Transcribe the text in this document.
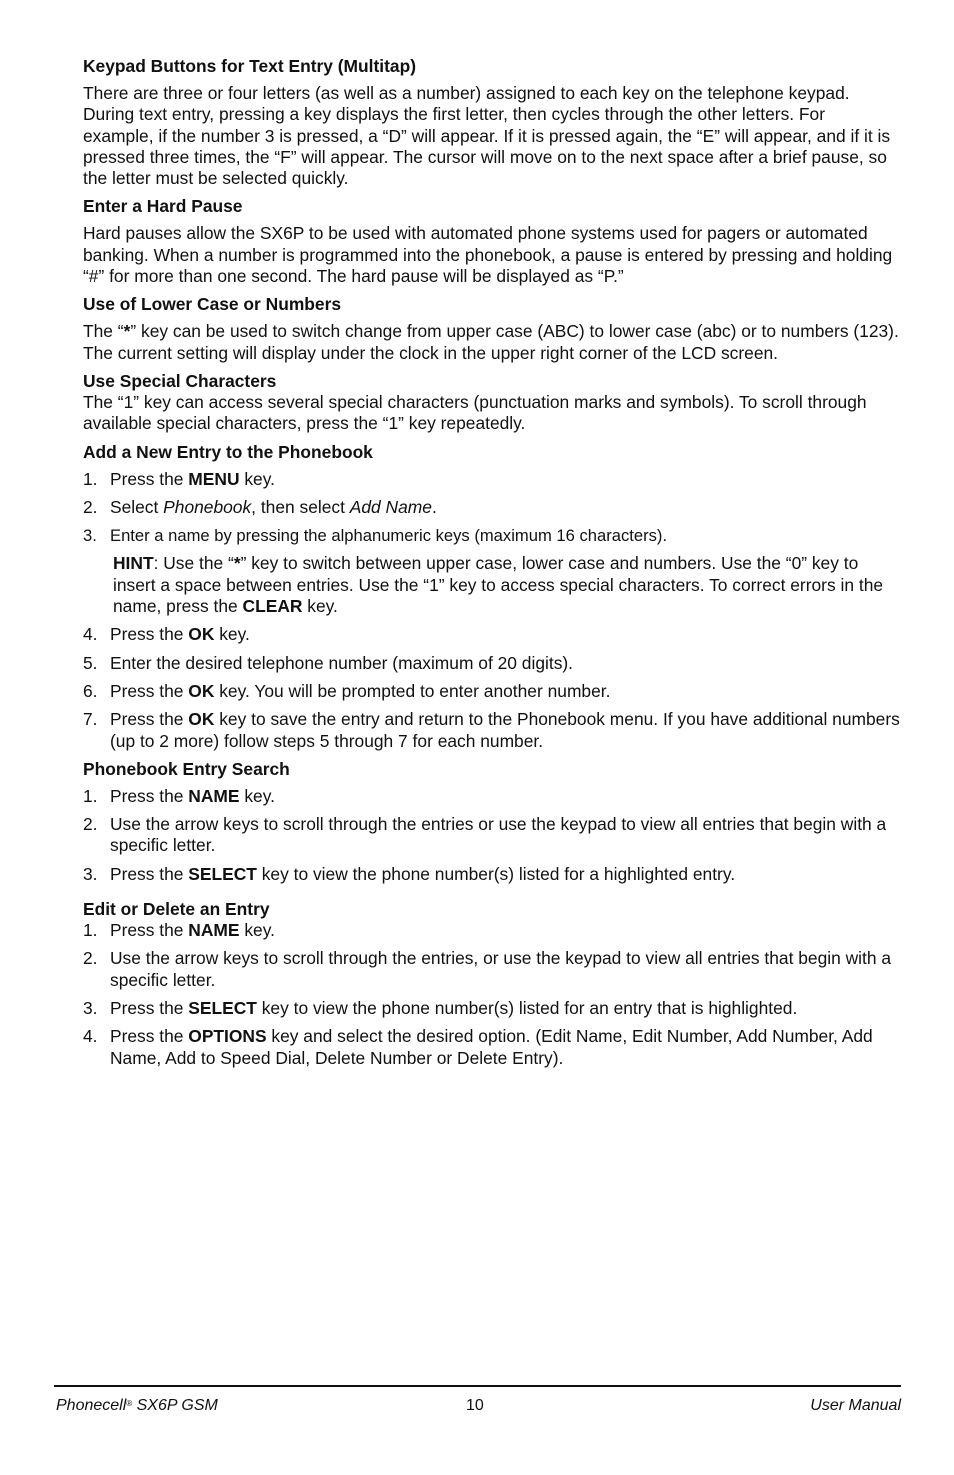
Keypad Buttons for Text Entry (Multitap)

There are three or four letters (as well as a number) assigned to each key on the telephone keypad. During text entry, pressing a key displays the first letter, then cycles through the other letters. For example, if the number 3 is pressed, a “D” will appear. If it is pressed again, the “E” will appear, and if it is pressed three times, the “F” will appear. The cursor will move on to the next space after a brief pause, so the letter must be selected quickly.

Enter a Hard Pause

Hard pauses allow the SX6P to be used with automated phone systems used for pagers or automated banking. When a number is programmed into the phonebook, a pause is entered by pressing and holding “#” for more than one second. The hard pause will be displayed as “P.”

Use of Lower Case or Numbers

The “*” key can be used to switch change from upper case (ABC) to lower case (abc) or to numbers (123). The current setting will display under the clock in the upper right corner of the LCD screen.

Use Special Characters

The “1” key can access several special characters (punctuation marks and symbols). To scroll through available special characters, press the “1” key repeatedly.

Add a New Entry to the Phonebook
1. Press the MENU key.
2. Select Phonebook, then select Add Name.
3. Enter a name by pressing the alphanumeric keys (maximum 16 characters).

HINT: Use the “*” key to switch between upper case, lower case and numbers. Use the “0” key to insert a space between entries. Use the “1” key to access special characters. To correct errors in the name, press the CLEAR key.

4. Press the OK key.
5. Enter the desired telephone number (maximum of 20 digits).
6. Press the OK key. You will be prompted to enter another number.
7. Press the OK key to save the entry and return to the Phonebook menu. If you have additional numbers (up to 2 more) follow steps 5 through 7 for each number.
Phonebook Entry Search
1. Press the NAME key.
2. Use the arrow keys to scroll through the entries or use the keypad to view all entries that begin with a specific letter.
3. Press the SELECT key to view the phone number(s) listed for a highlighted entry.
Edit or Delete an Entry
1. Press the NAME key.
2. Use the arrow keys to scroll through the entries, or use the keypad to view all entries that begin with a specific letter.
3. Press the SELECT key to view the phone number(s) listed for an entry that is highlighted.
4. Press the OPTIONS key and select the desired option. (Edit Name, Edit Number, Add Number, Add Name, Add to Speed Dial, Delete Number or Delete Entry).
Phonecell® SX6P GSM	10	User Manual
